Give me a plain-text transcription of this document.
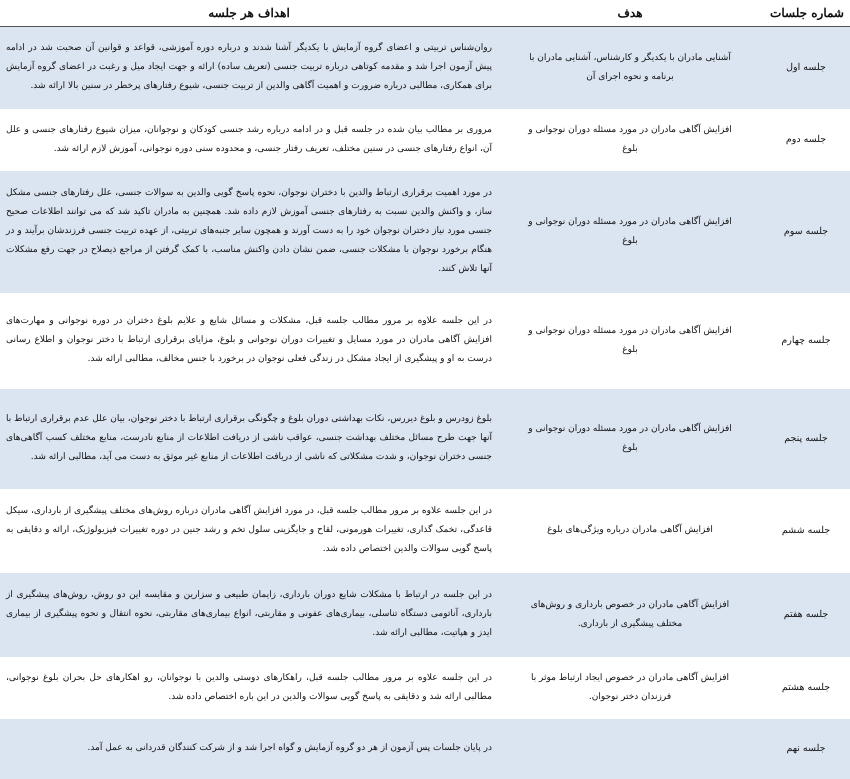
شماره جلسات	هدف	اهداف هر جلسه
جلسه اول	آشنایی مادران با یکدیگر و کارشناس، آشنایی مادران با برنامه و نحوه اجرای آن	روان‌شناس تربیتی و اعضای گروه آزمایش با یکدیگر آشنا شدند و درباره دوره آموزشی، قواعد و قوانین آن صحبت شد در ادامه پیش آزمون اجرا شد و مقدمه کوتاهی درباره تربیت جنسی (تعریف ساده) ارائه و جهت ایجاد میل و رغبت در اعضای گروه آزمایش برای همکاری، مطالبی درباره ضرورت و اهمیت آگاهی والدین از تربیت جنسی، شیوع رفتارهای پرخطر در سنین بالا ارائه شد.
جلسه دوم	افزایش آگاهی مادران در مورد مسئله دوران نوجوانی و بلوغ	مروری بر مطالب بیان شده در جلسه قبل و در ادامه درباره رشد جنسی کودکان و نوجوانان، میزان شیوع رفتارهای جنسی و علل آن، انواع رفتارهای جنسی در سنین مختلف، تعریف رفتار جنسی، و محدوده سنی دوره نوجوانی، آموزش لازم ارائه شد.
جلسه سوم	افزایش آگاهی مادران در مورد مسئله دوران نوجوانی و بلوغ	در مورد اهمیت برقراری ارتباط والدین با دختران نوجوان، نحوه پاسخ گویی والدین به سوالات جنسی، علل رفتارهای جنسی مشکل ساز، و واکنش والدین نسبت به رفتارهای جنسی آموزش لازم داده شد. همچنین به مادران تاکید شد که می توانند اطلاعات صحیح جنسی مورد نیاز دختران نوجوان خود را به دست آورند و همچون سایر جنبه‌های تربیتی، از عهده تربیت جنسی فرزندشان برآیند و در هنگام برخورد نوجوان با مشکلات جنسی، ضمن نشان دادن واکنش مناسب، با کمک گرفتن از مراجع ذیصلاح در جهت رفع مشکلات آنها تلاش کنند.
جلسه چهارم	افزایش آگاهی مادران در مورد مسئله دوران نوجوانی و بلوغ	در این جلسه علاوه بر مرور مطالب جلسه قبل، مشکلات و مسائل شایع و علایم بلوغ دختران در دوره نوجوانی و مهارت‌های افزایش آگاهی مادران در مورد مسایل و تغییرات دوران نوجوانی و بلوغ، مزایای برقراری ارتباط با دختر نوجوان و اطلاع رسانی درست به او و پیشگیری از ایجاد مشکل در زندگی فعلی نوجوان در برخورد با جنس مخالف، مطالبی ارائه شد.
جلسه پنجم	افزایش آگاهی مادران در مورد مسئله دوران نوجوانی و بلوغ	بلوغ زودرس و بلوغ دیررس، نکات بهداشتی دوران بلوغ و چگونگی برقراری ارتباط با دختر نوجوان، بیان علل عدم برقراری ارتباط با آنها جهت طرح مسائل مختلف بهداشت جنسی، عواقب ناشی از دریافت اطلاعات از منابع نادرست، منابع مختلف کسب آگاهی‌های جنسی دختران نوجوان، و شدت مشکلاتی که ناشی از دریافت اطلاعات از منابع غیر موثق به دست می آید، مطالبی ارائه شد.
جلسه ششم	افزایش آگاهی مادران درباره ویژگی‌های بلوغ	در این جلسه علاوه بر مرور مطالب جلسه قبل، در مورد افزایش آگاهی مادران درباره روش‌های مختلف پیشگیری از بارداری، سیکل قاعدگی، تخمک گذاری، تغییرات هورمونی، لقاح و جایگزینی سلول تخم و رشد جنین در دوره تغییرات فیزیولوژیک، ارائه و دقایقی به پاسخ گویی سوالات والدین اختصاص داده شد.
جلسه هفتم	افزایش آگاهی مادران در خصوص بارداری و روش‌های مختلف پیشگیری از بارداری.	در این جلسه در ارتباط با مشکلات شایع دوران بارداری، زایمان طبیعی و سزارین و مقایسه این دو روش، روش‌های پیشگیری از بارداری، آناتومی دستگاه تناسلی، بیماری‌های عفونی و مقاربتی، انواع بیماری‌های مقاربتی، نحوه انتقال و نحوه پیشگیری از بیماری ایدز و هپاتیت، مطالبی ارائه شد.
جلسه هشتم	افزایش آگاهی مادران در خصوص ایجاد ارتباط موثر با فرزندان دختر نوجوان.	در این جلسه علاوه بر مرور مطالب جلسه قبل، راهکارهای دوستی والدین با نوجوانان، رو اهکارهای حل بحران بلوغ نوجوانی، مطالبی ارائه شد و دقایقی به پاسخ گویی سوالات والدین در این باره اختصاص داده شد.
جلسه نهم		در پایان جلسات پس آزمون از هر دو گروه آزمایش و گواه اجرا شد و از شرکت کنندگان قدردانی به عمل آمد.
